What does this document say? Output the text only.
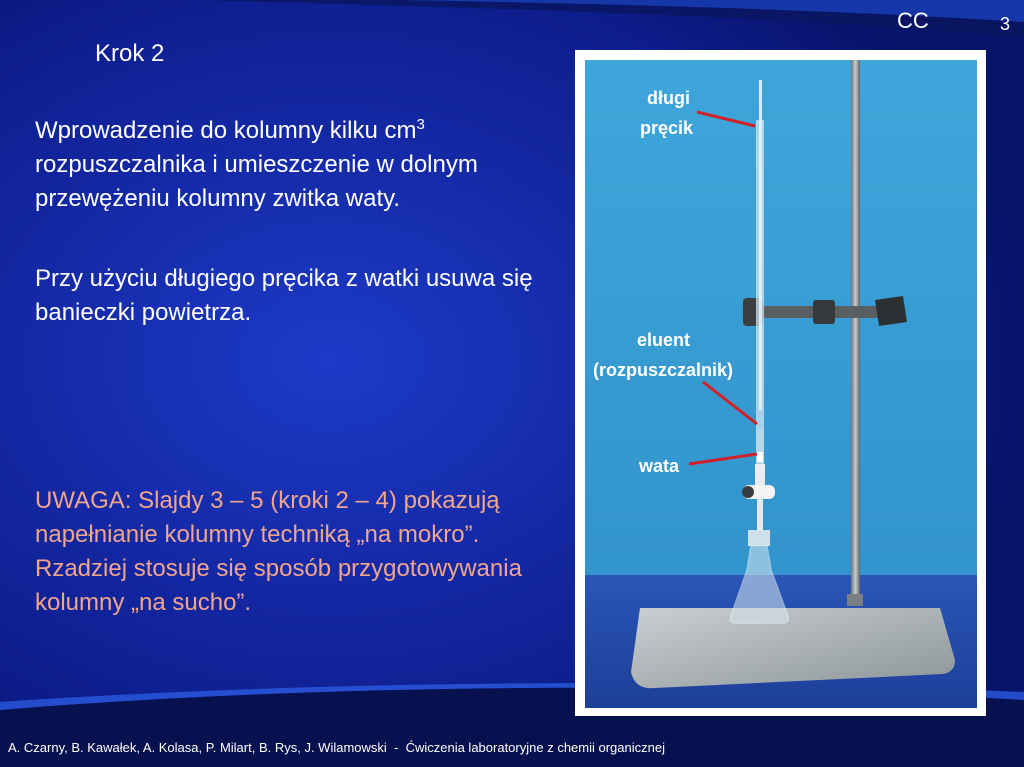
CC	3
Krok 2

Wprowadzenie do kolumny kilku $cm^3$ rozpuszczalnika i umieszczenie w dolnym przewężeniu kolumny zwitka waty.

Przy użyciu długiego pręcika z watki usuwa się banieczki powietrza.

UWAGA: Slajdy 3 – 5 (kroki 2 – 4) pokazują napełnianie kolumny techniką „na mokro”. Rzadziej stosuje się sposób przygotowywania kolumny „na sucho”.

długi
pręcik
eluent
(rozpuszczalnik)
wata
A. Czarny, B. Kawałek, A. Kolasa, P. Milart, B. Rys, J. Wilamowski  -  Ćwiczenia laboratoryjne z chemii organicznej
